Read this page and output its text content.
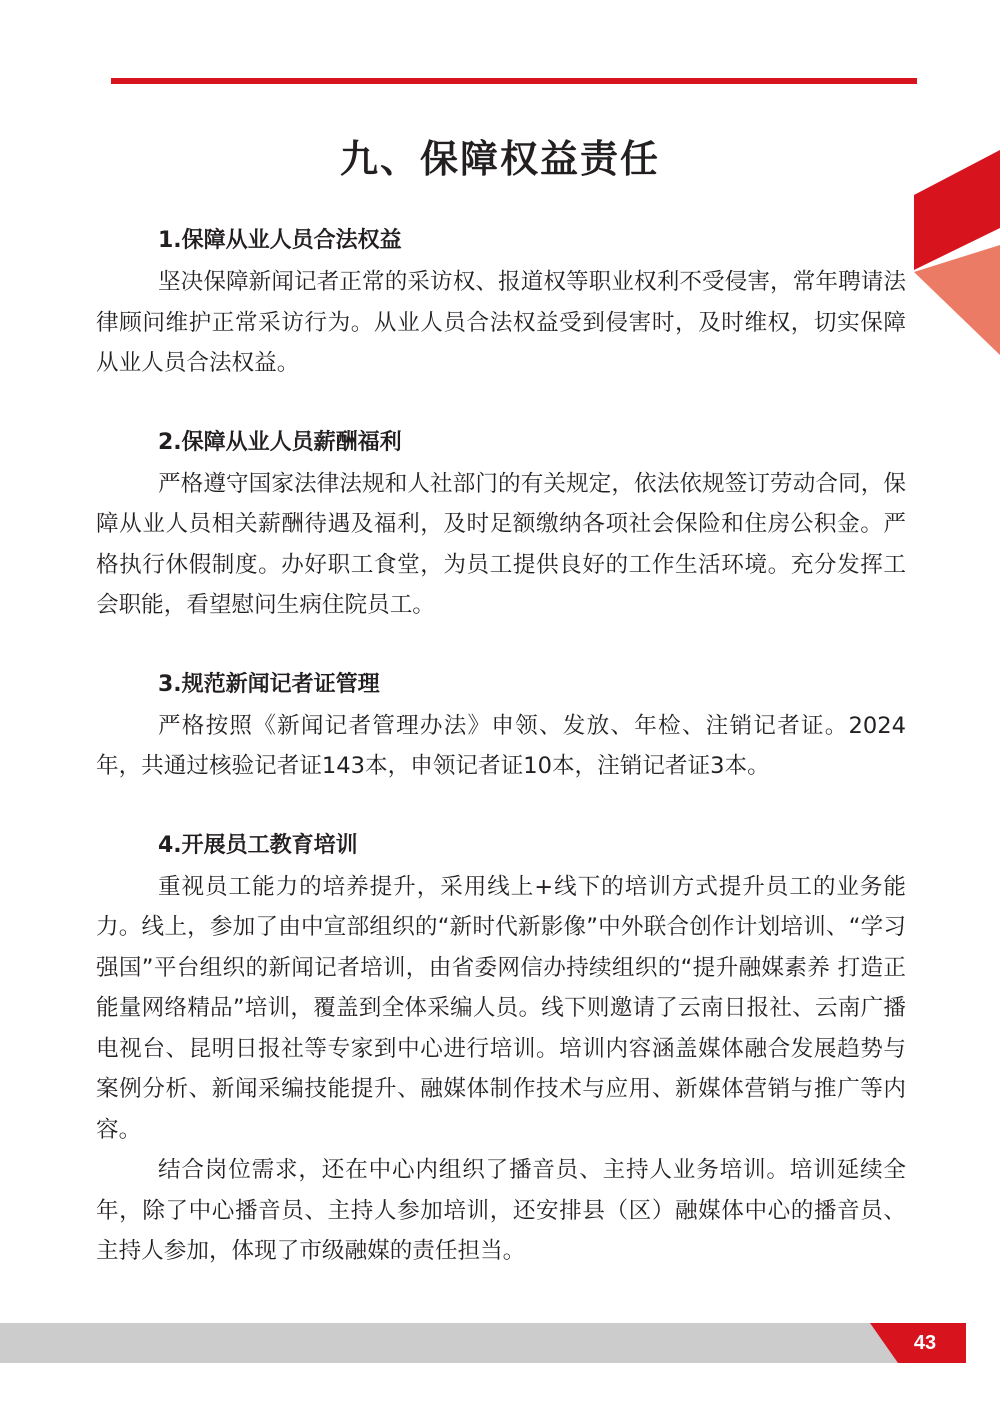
九、保障权益责任
1.保障从业人员合法权益

坚决保障新闻记者正常的采访权、报道权等职业权利不受侵害，常年聘请法律顾问维护正常采访行为。从业人员合法权益受到侵害时，及时维权，切实保障从业人员合法权益。

2.保障从业人员薪酬福利

严格遵守国家法律法规和人社部门的有关规定，依法依规签订劳动合同，保障从业人员相关薪酬待遇及福利，及时足额缴纳各项社会保险和住房公积金。严格执行休假制度。办好职工食堂，为员工提供良好的工作生活环境。充分发挥工会职能，看望慰问生病住院员工。

3.规范新闻记者证管理

严格按照《新闻记者管理办法》申领、发放、年检、注销记者证。2024年，共通过核验记者证143本，申领记者证10本，注销记者证3本。

4.开展员工教育培训

重视员工能力的培养提升，采用线上+线下的培训方式提升员工的业务能力。线上，参加了由中宣部组织的“新时代新影像”中外联合创作计划培训、“学习强国”平台组织的新闻记者培训，由省委网信办持续组织的“提升融媒素养 打造正能量网络精品”培训，覆盖到全体采编人员。线下则邀请了云南日报社、云南广播电视台、昆明日报社等专家到中心进行培训。培训内容涵盖媒体融合发展趋势与案例分析、新闻采编技能提升、融媒体制作技术与应用、新媒体营销与推广等内容。

结合岗位需求，还在中心内组织了播音员、主持人业务培训。培训延续全年，除了中心播音员、主持人参加培训，还安排县（区）融媒体中心的播音员、主持人参加，体现了市级融媒的责任担当。

43
